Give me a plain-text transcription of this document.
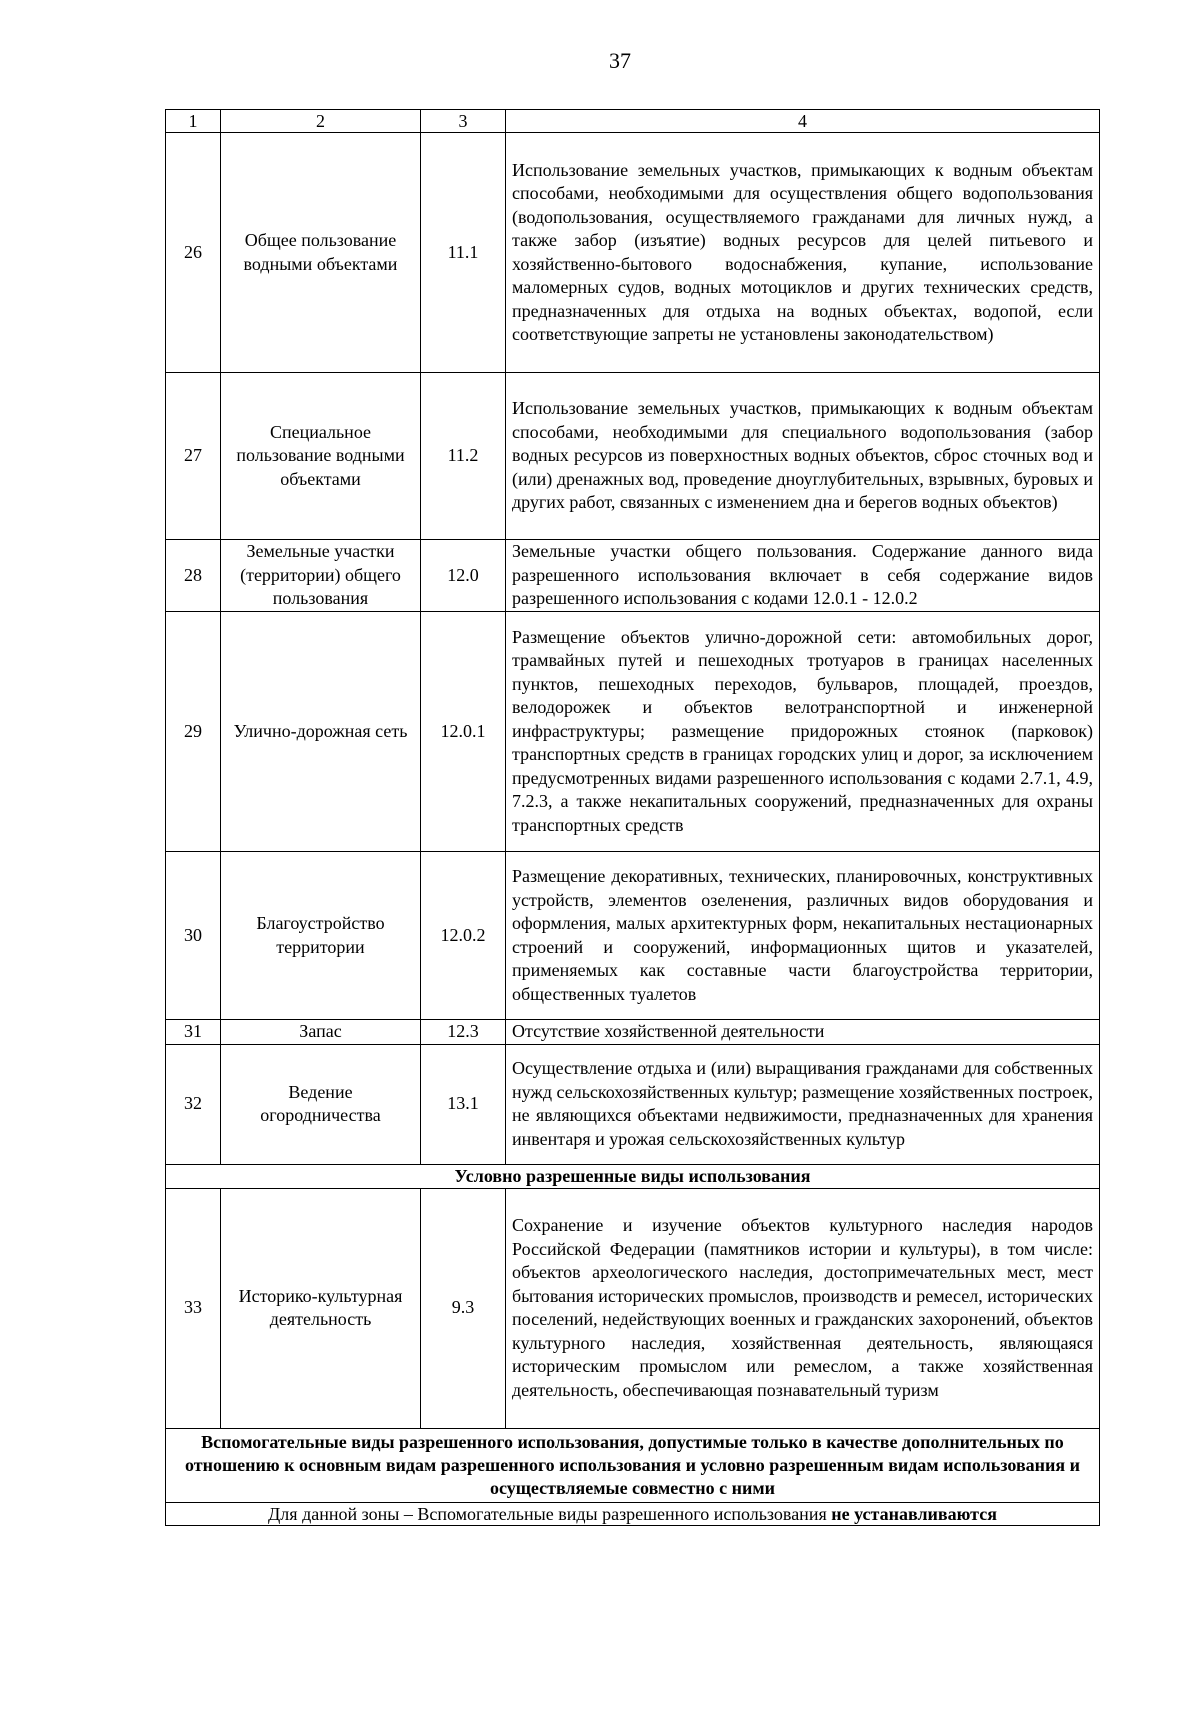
37
1	2	3	4
26	Общее пользование водными объектами	11.1	Использование земельных участков, примыкающих к водным объектам способами, необходимыми для осуществления общего водопользования (водопользования, осуществляемого гражданами для личных нужд, а также забор (изъятие) водных ресурсов для целей питьевого и хозяйственно-бытового водоснабжения, купание, использование маломерных судов, водных мотоциклов и других технических средств, предназначенных для отдыха на водных объектах, водопой, если соответствующие запреты не установлены законодательством)
27	Специальное пользование водными объектами	11.2	Использование земельных участков, примыкающих к водным объектам способами, необходимыми для специального водопользования (забор водных ресурсов из поверхностных водных объектов, сброс сточных вод и (или) дренажных вод, проведение дноуглубительных, взрывных, буровых и других работ, связанных с изменением дна и берегов водных объектов)
28	Земельные участки (территории) общего пользования	12.0	Земельные участки общего пользования. Содержание данного вида разрешенного использования включает в себя содержание видов разрешенного использования с кодами 12.0.1 - 12.0.2
29	Улично-дорожная сеть	12.0.1	Размещение объектов улично-дорожной сети: автомобильных дорог, трамвайных путей и пешеходных тротуаров в границах населенных пунктов, пешеходных переходов, бульваров, площадей, проездов, велодорожек и объектов велотранспортной и инженерной инфраструктуры; размещение придорожных стоянок (парковок) транспортных средств в границах городских улиц и дорог, за исключением предусмотренных видами разрешенного использования с кодами 2.7.1, 4.9, 7.2.3, а также некапитальных сооружений, предназначенных для охраны транспортных средств
30	Благоустройство территории	12.0.2	Размещение декоративных, технических, планировочных, конструктивных устройств, элементов озеленения, различных видов оборудования и оформления, малых архитектурных форм, некапитальных нестационарных строений и сооружений, информационных щитов и указателей, применяемых как составные части благоустройства территории, общественных туалетов
31	Запас	12.3	Отсутствие хозяйственной деятельности
32	Ведение огородничества	13.1	Осуществление отдыха и (или) выращивания гражданами для собственных нужд сельскохозяйственных культур; размещение хозяйственных построек, не являющихся объектами недвижимости, предназначенных для хранения инвентаря и урожая сельскохозяйственных культур
Условно разрешенные виды использования			
33	Историко-культурная деятельность	9.3	Сохранение и изучение объектов культурного наследия народов Российской Федерации (памятников истории и культуры), в том числе: объектов археологического наследия, достопримечательных мест, мест бытования исторических промыслов, производств и ремесел, исторических поселений, недействующих военных и гражданских захоронений, объектов культурного наследия, хозяйственная деятельность, являющаяся историческим промыслом или ремеслом, а также хозяйственная деятельность, обеспечивающая познавательный туризм
Вспомогательные виды разрешенного использования, допустимые только в качестве дополнительных по отношению к основным видам разрешенного использования и условно разрешенным видам использования и осуществляемые совместно с ними			
Для данной зоны – Вспомогательные виды разрешенного использования не устанавливаются			
